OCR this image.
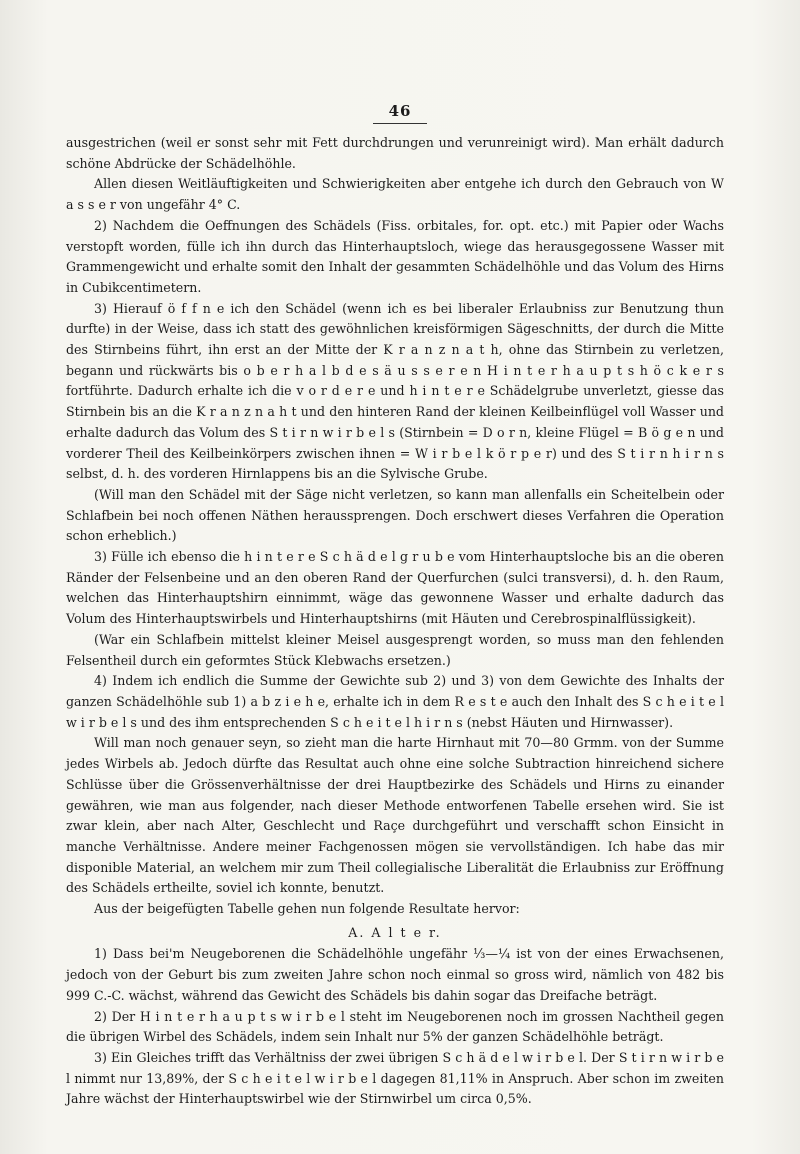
46

ausgestrichen (weil er sonst sehr mit Fett durchdrungen und verunreinigt wird). Man erhält dadurch schöne Abdrücke der Schädelhöhle.

Allen diesen Weitläuftigkeiten und Schwierigkeiten aber entgehe ich durch den Gebrauch von W a s s e r von ungefähr 4° C.

2) Nachdem die Oeffnungen des Schädels (Fiss. orbitales, for. opt. etc.) mit Papier oder Wachs verstopft worden, fülle ich ihn durch das Hinterhauptsloch, wiege das herausgegossene Wasser mit Grammengewicht und erhalte somit den Inhalt der gesammten Schädelhöhle und das Volum des Hirns in Cubikcentimetern.

3) Hierauf ö f f n e ich den Schädel (wenn ich es bei liberaler Erlaubniss zur Benutzung thun durfte) in der Weise, dass ich statt des gewöhnlichen kreisförmigen Sägeschnitts, der durch die Mitte des Stirnbeins führt, ihn erst an der Mitte der K r a n z n a t h, ohne das Stirnbein zu verletzen, begann und rückwärts bis o b e r h a l b d e s ä u s s e r e n H i n t e r h a u p t s h ö c k e r s fortführte. Dadurch erhalte ich die v o r d e r e und h i n t e r e Schädelgrube unverletzt, giesse das Stirnbein bis an die K r a n z n a h t und den hinteren Rand der kleinen Keilbeinflügel voll Wasser und erhalte dadurch das Volum des S t i r n w i r b e l s (Stirnbein = D o r n, kleine Flügel = B ö g e n und vorderer Theil des Keilbeinkörpers zwischen ihnen = W i r b e l k ö r p e r) und des S t i r n h i r n s selbst, d. h. des vorderen Hirnlappens bis an die Sylvische Grube.

(Will man den Schädel mit der Säge nicht verletzen, so kann man allenfalls ein Scheitelbein oder Schlafbein bei noch offenen Näthen heraussprengen. Doch erschwert dieses Verfahren die Operation schon erheblich.)

3) Fülle ich ebenso die h i n t e r e S c h ä d e l g r u b e vom Hinterhauptsloche bis an die oberen Ränder der Felsenbeine und an den oberen Rand der Querfurchen (sulci transversi), d. h. den Raum, welchen das Hinterhauptshirn einnimmt, wäge das gewonnene Wasser und erhalte dadurch das Volum des Hinterhauptswirbels und Hinterhauptshirns (mit Häuten und Cerebrospinalflüssigkeit).

(War ein Schlafbein mittelst kleiner Meisel ausgesprengt worden, so muss man den fehlenden Felsentheil durch ein geformtes Stück Klebwachs ersetzen.)

4) Indem ich endlich die Summe der Gewichte sub 2) und 3) von dem Gewichte des Inhalts der ganzen Schädelhöhle sub 1) a b z i e h e, erhalte ich in dem R e s t e auch den Inhalt des S c h e i t e l w i r b e l s und des ihm entsprechenden S c h e i t e l h i r n s (nebst Häuten und Hirnwasser).

Will man noch genauer seyn, so zieht man die harte Hirnhaut mit 70—80 Grmm. von der Summe jedes Wirbels ab. Jedoch dürfte das Resultat auch ohne eine solche Subtraction hinreichend sichere Schlüsse über die Grössenverhältnisse der drei Hauptbezirke des Schädels und Hirns zu einander gewähren, wie man aus folgender, nach dieser Methode entworfenen Tabelle ersehen wird. Sie ist zwar klein, aber nach Alter, Geschlecht und Raçe durchgeführt und verschafft schon Einsicht in manche Verhältnisse. Andere meiner Fachgenossen mögen sie vervollständigen. Ich habe das mir disponible Material, an welchem mir zum Theil collegialische Liberalität die Erlaubniss zur Eröffnung des Schädels ertheilte, soviel ich konnte, benutzt.

Aus der beigefügten Tabelle gehen nun folgende Resultate hervor:

A. A l t e r.

1) Dass bei'm Neugeborenen die Schädelhöhle ungefähr ⅓—¼ ist von der eines Erwachsenen, jedoch von der Geburt bis zum zweiten Jahre schon noch einmal so gross wird, nämlich von 482 bis 999 C.-C. wächst, während das Gewicht des Schädels bis dahin sogar das Dreifache beträgt.

2) Der H i n t e r h a u p t s w i r b e l steht im Neugeborenen noch im grossen Nachtheil gegen die übrigen Wirbel des Schädels, indem sein Inhalt nur 5% der ganzen Schädelhöhle beträgt.

3) Ein Gleiches trifft das Verhältniss der zwei übrigen S c h ä d e l w i r b e l. Der S t i r n w i r b e l nimmt nur 13,89%, der S c h e i t e l w i r b e l dagegen 81,11% in Anspruch. Aber schon im zweiten Jahre wächst der Hinterhauptswirbel wie der Stirnwirbel um circa 0,5%.
